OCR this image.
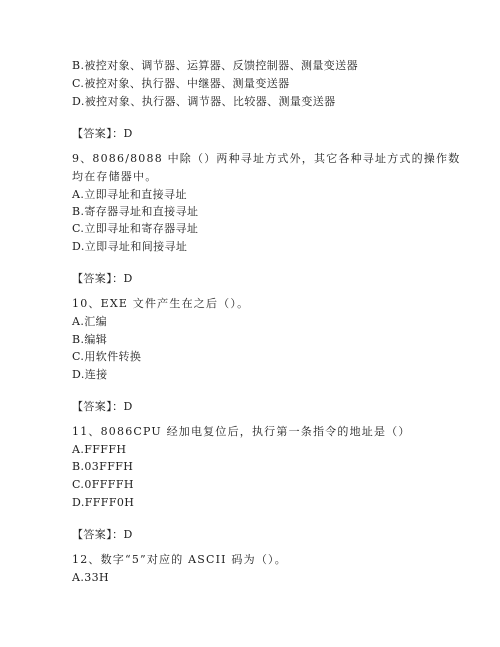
B.被控对象、调节器、运算器、反馈控制器、测量变送器
C.被控对象、执行器、中继器、测量变送器
D.被控对象、执行器、调节器、比较器、测量变送器
【答案】：D
9、8086/8088 中除（）两种寻址方式外，其它各种寻址方式的操作数
均在存储器中。
A.立即寻址和直接寻址
B.寄存器寻址和直接寻址
C.立即寻址和寄存器寻址
D.立即寻址和间接寻址
【答案】：D
10、EXE 文件产生在之后（）。
A.汇编
B.编辑
C.用软件转换
D.连接
【答案】：D
11、8086CPU 经加电复位后，执行第一条指令的地址是（）
A.FFFFH
B.03FFFH
C.0FFFFH
D.FFFF0H
【答案】：D
12、数字“5”对应的 ASCII 码为（）。
A.33H
